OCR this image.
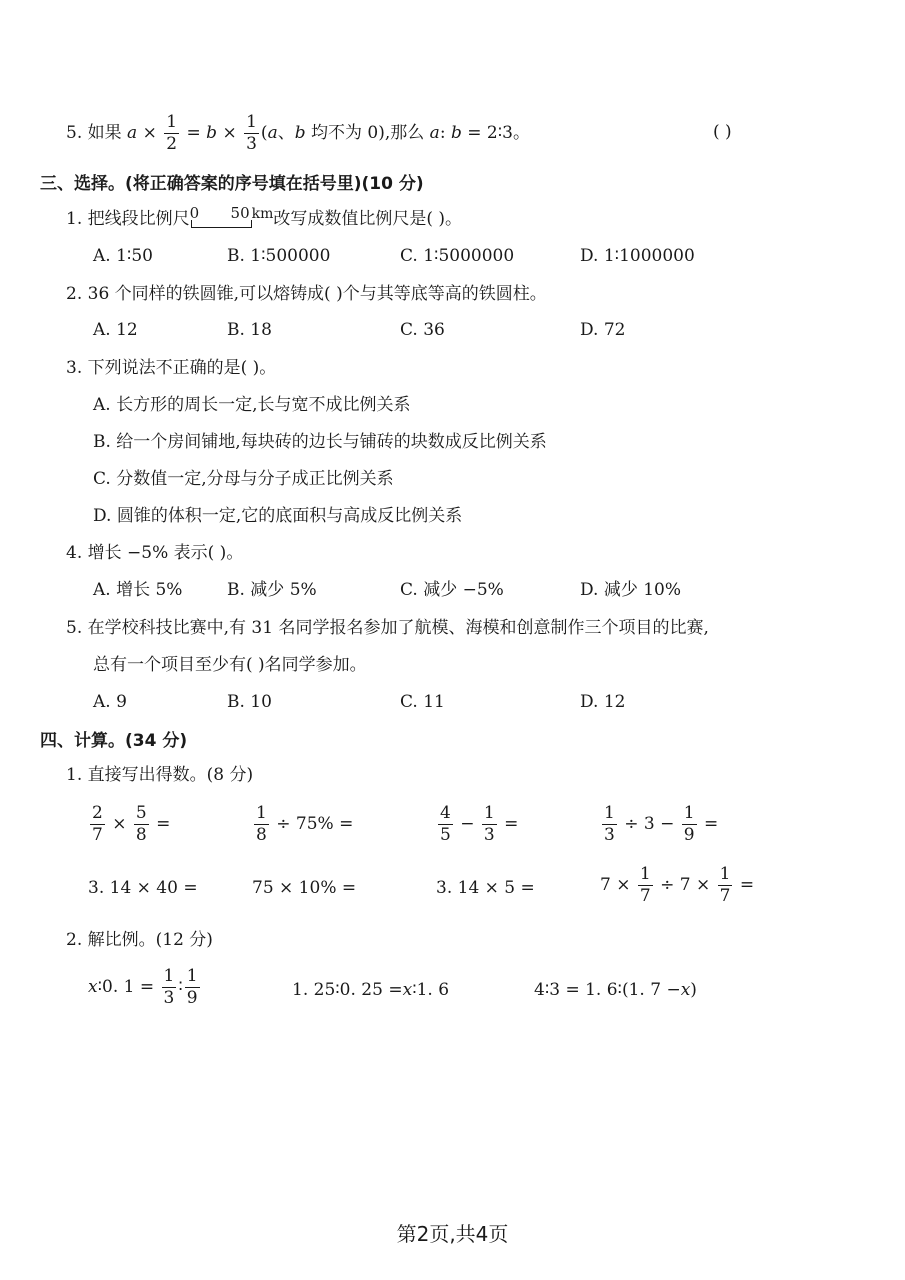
5. 如果 $a \times \frac{1}{2} = b \times \frac{1}{3} (a$、b 均不为 0),那么 a: b = 2∶3。	( )
三、选择。(将正确答案的序号填在括号里)(10 分)
1. 把线段比例尺 0 50 $^{km}$改写成数值比例尺是( )。
A. 1∶50	B. 1∶500000	C. 1∶5000000	D. 1∶1000000
2. 36 个同样的铁圆锥,可以熔铸成( )个与其等底等高的铁圆柱。
A. 12	B. 18	C. 36	D. 72
3. 下列说法不正确的是( )。
A. 长方形的周长一定,长与宽不成比例关系
B. 给一个房间铺地,每块砖的边长与铺砖的块数成反比例关系
C. 分数值一定,分母与分子成正比例关系
D. 圆锥的体积一定,它的底面积与高成反比例关系
4. 增长 −5% 表示( )。
A. 增长 5%	B. 减少 5%	C. 减少 −5%	D. 减少 10%
5. 在学校科技比赛中,有 31 名同学报名参加了航模、海模和创意制作三个项目的比赛,
总有一个项目至少有( )名同学参加。
A. 9	B. 10	C. 11	D. 12
四、计算。(34 分)
1. 直接写出得数。(8 分)
$\frac{2}{7} \times \frac{5}{8}$ =	$\frac{1}{8} \div 75\%$ =	$\frac{4}{5} - \frac{1}{3}$ =	$\frac{1}{3} \div 3 - \frac{1}{9}$ =
3. 14 × 40 =	75 × 10% =	3. 14 × 5 =	$7 \times \frac{1}{7} \div 7 \times \frac{1}{7}$ =
2. 解比例。(12 分)
x∶0. $1 = \frac{1}{3}$ ∶ $\frac{1}{9}$	1. 25∶0. 25 =x∶1. 6	4∶3 = 1. 6∶(1. 7 −x)
第2页,共4页
